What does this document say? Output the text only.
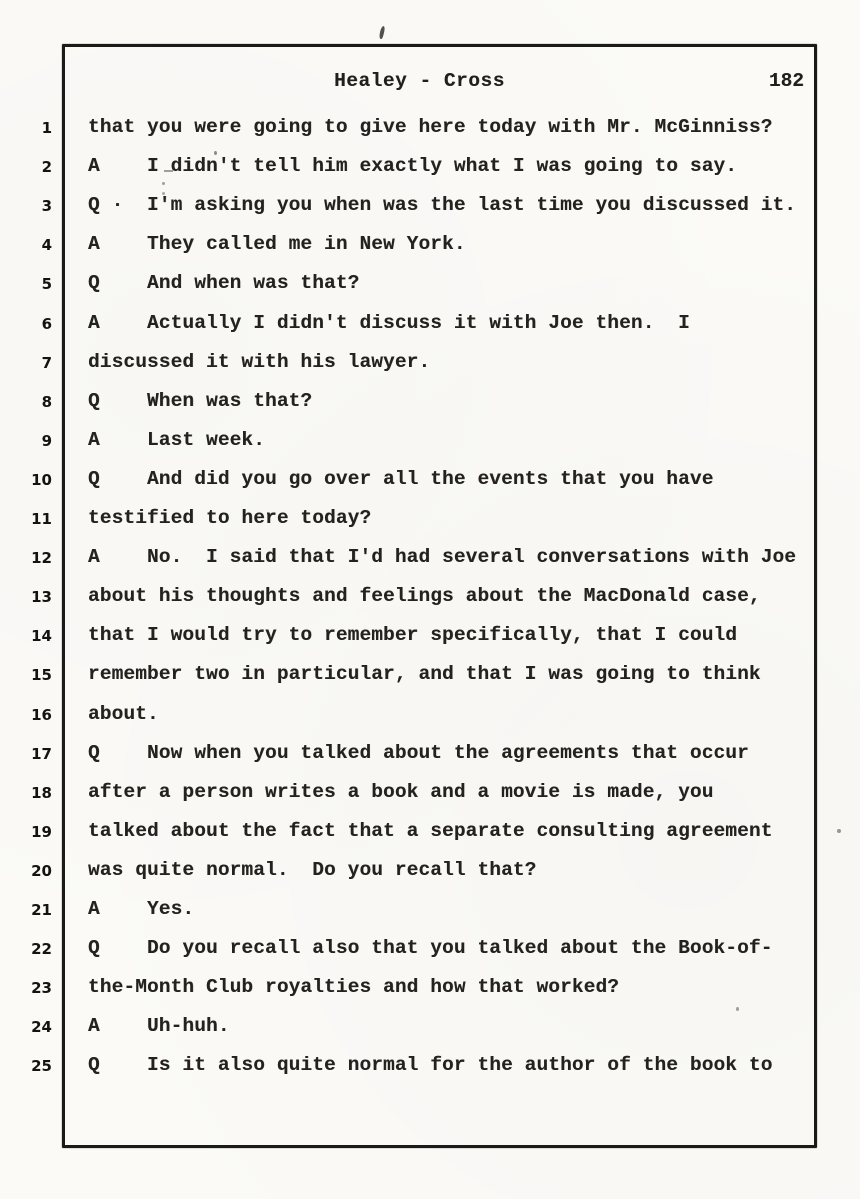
Healey - Cross	182
1 that you were going to give here today with Mr. McGinniss?
2 A    I didn't tell him exactly what I was going to say.
3 Q ·  I'm asking you when was the last time you discussed it.
4 A    They called me in New York.
5 Q    And when was that?
6 A    Actually I didn't discuss it with Joe then.  I
7 discussed it with his lawyer.
8 Q    When was that?
9 A    Last week.
10 Q    And did you go over all the events that you have
11 testified to here today?
12 A    No.  I said that I'd had several conversations with Joe
13 about his thoughts and feelings about the MacDonald case,
14 that I would try to remember specifically, that I could
15 remember two in particular, and that I was going to think
16 about.
17 Q    Now when you talked about the agreements that occur
18 after a person writes a book and a movie is made, you
19 talked about the fact that a separate consulting agreement
20 was quite normal.  Do you recall that?
21 A    Yes.
22 Q    Do you recall also that you talked about the Book-of-
23 the-Month Club royalties and how that worked?
24 A    Uh-huh.
25 Q    Is it also quite normal for the author of the book to
